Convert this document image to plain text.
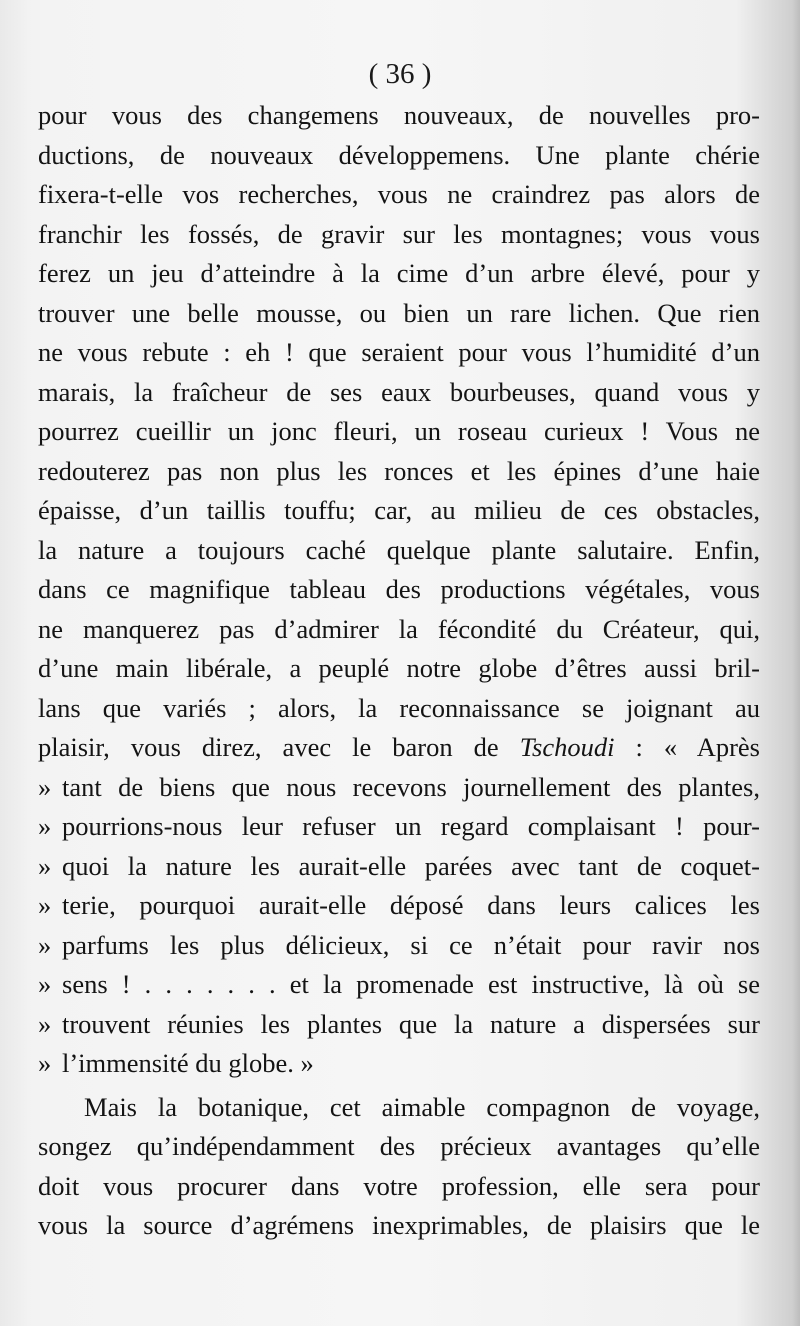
( 36 )
pour vous des changemens nouveaux, de nouvelles pro-
ductions, de nouveaux développemens. Une plante chérie
fixera-t-elle vos recherches, vous ne craindrez pas alors de
franchir les fossés, de gravir sur les montagnes; vous vous
ferez un jeu d’atteindre à la cime d’un arbre élevé, pour y
trouver une belle mousse, ou bien un rare lichen. Que rien
ne vous rebute : eh ! que seraient pour vous l’humidité d’un
marais, la fraîcheur de ses eaux bourbeuses, quand vous y
pourrez cueillir un jonc fleuri, un roseau curieux ! Vous ne
redouterez pas non plus les ronces et les épines d’une haie
épaisse, d’un taillis touffu; car, au milieu de ces obstacles,
la nature a toujours caché quelque plante salutaire. Enfin,
dans ce magnifique tableau des productions végétales, vous
ne manquerez pas d’admirer la fécondité du Créateur, qui,
d’une main libérale, a peuplé notre globe d’êtres aussi bril-
lans que variés ; alors, la reconnaissance se joignant au
plaisir, vous direz, avec le baron de Tschoudi : « Après
» tant de biens que nous recevons journellement des plantes,
» pourrions-nous leur refuser un regard complaisant ! pour-
» quoi la nature les aurait-elle parées avec tant de coquet-
» terie, pourquoi aurait-elle déposé dans leurs calices les
» parfums les plus délicieux, si ce n’était pour ravir nos
» sens ! . . . . . . . et la promenade est instructive, là où se
» trouvent réunies les plantes que la nature a dispersées sur
» l’immensité du globe. »
Mais la botanique, cet aimable compagnon de voyage,
songez qu’indépendamment des précieux avantages qu’elle
doit vous procurer dans votre profession, elle sera pour
vous la source d’agrémens inexprimables, de plaisirs que le
